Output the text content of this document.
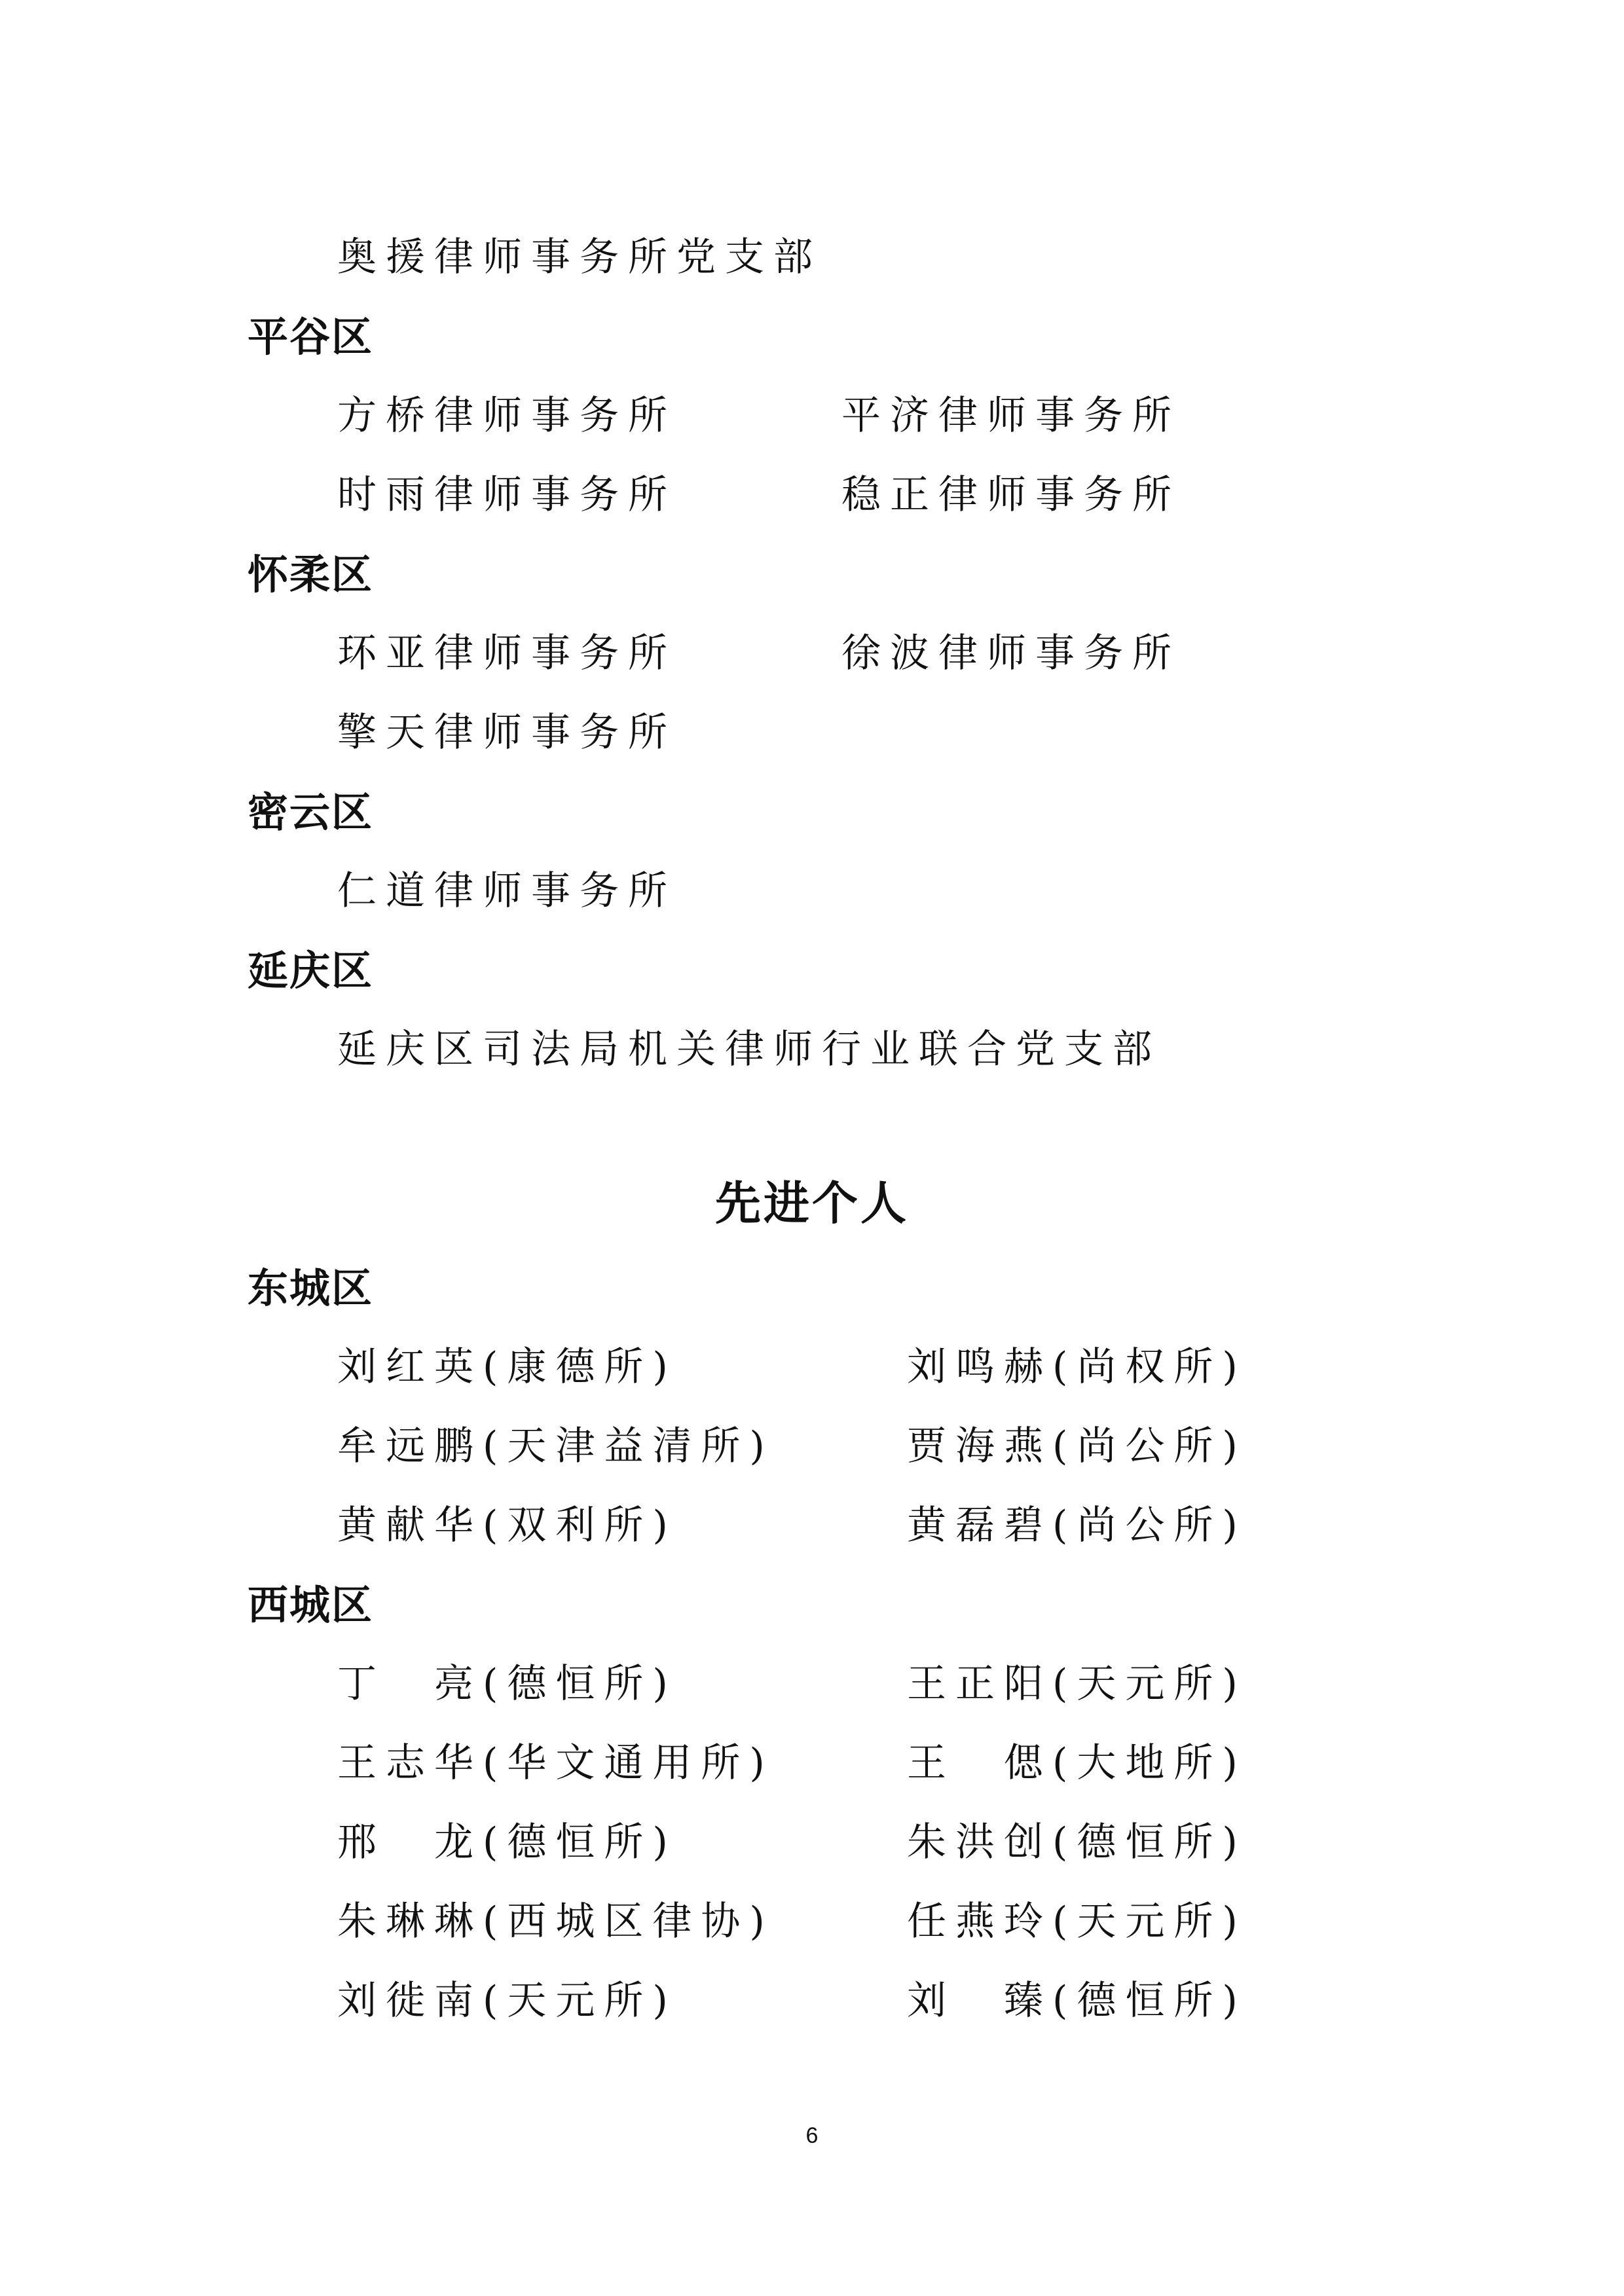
奥援律师事务所党支部
平谷区
方桥律师事务所	平济律师事务所
时雨律师事务所	稳正律师事务所
怀柔区
环亚律师事务所	徐波律师事务所
擎天律师事务所
密云区
仁道律师事务所
延庆区
延庆区司法局机关律师行业联合党支部
先进个人
东城区
刘红英(康德所)	刘鸣赫(尚权所)
牟远鹏(天津益清所)	贾海燕(尚公所)
黄献华(双利所)	黄磊碧(尚公所)
西城区
丁　亮(德恒所)	王正阳(天元所)
王志华(华文通用所)	王　偲(大地所)
邢　龙(德恒所)	朱洪创(德恒所)
朱琳琳(西城区律协)	任燕玲(天元所)
刘徙南(天元所)	刘　臻(德恒所)
6
